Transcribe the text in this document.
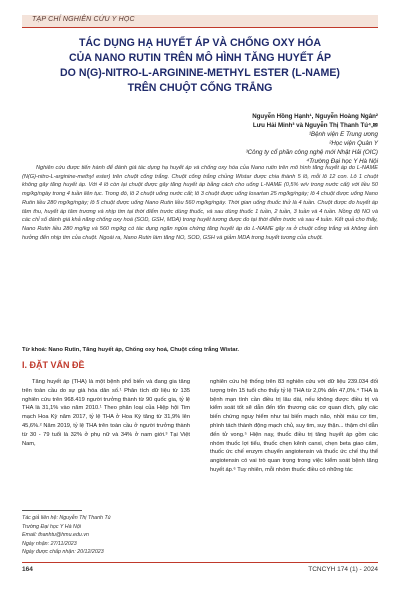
TẠP CHÍ NGHIÊN CỨU Y HỌC
TÁC DỤNG HẠ HUYẾT ÁP VÀ CHỐNG OXY HÓA
CỦA NANO RUTIN TRÊN MÔ HÌNH TĂNG HUYẾT ÁP
DO N(G)-NITRO-L-ARGININE-METHYL ESTER (L-NAME)
TRÊN CHUỘT CỐNG TRẮNG
Nguyễn Hồng Hạnh¹, Nguyễn Hoàng Ngân²
Lưu Hải Minh³ và Nguyễn Thị Thanh Tú⁴,✉
¹Bệnh viện E Trung ương
²Học viện Quân Y
³Công ty cổ phần công nghệ mới Nhật Hải (OIC)
⁴Trường Đại học Y Hà Nội

Nghiên cứu được tiến hành để đánh giá tác dụng hạ huyết áp và chống oxy hóa của Nano rutin trên mô hình tăng huyết áp do L-NAME (N(G)-nitro-L-arginine-methyl ester) trên chuột cống trắng. Chuột cống trắng chủng Wistar được chia thành 5 lô, mỗi lô 12 con. Lô 1 chuột không gây tăng huyết áp. Với 4 lô còn lại chuột được gây tăng huyết áp bằng cách cho uống L-NAME (0,5% w/v trong nước cất) với liều 50 mg/kg/ngày trong 4 tuần liên tục. Trong đó, lô 2 chuột uống nước cất; lô 3 chuột được uống losartan 25 mg/kg/ngày; lô 4 chuột được uống Nano Rutin liều 280 mg/kg/ngày; lô 5 chuột được uống Nano Rutin liều 560 mg/kg/ngày. Thời gian uống thuốc thử là 4 tuần. Chuột được đo huyết áp tâm thu, huyết áp tâm trương và nhịp tim tại thời điểm trước dùng thuốc, và sau dùng thuốc 1 tuần, 2 tuần, 3 tuần và 4 tuần. Nồng độ NO và các chỉ số đánh giá khả năng chống oxy hoá (SOD, GSH, MDA) trong huyết tương được đo tại thời điểm trước và sau 4 tuần. Kết quả cho thấy, Nano Rutin liều 280 mg/kg và 560 mg/kg có tác dụng ngăn ngừa chứng tăng huyết áp do L-NAME gây ra ở chuột cống trắng và không ảnh hưởng đến nhịp tim của chuột. Ngoài ra, Nano Rutin làm tăng NO, SOD, GSH và giảm MDA trong huyết tương của chuột.

Từ khoá: Nano Rutin, Tăng huyết áp, Chống oxy hoá, Chuột cống trắng Wistar.
I. ĐẶT VẤN ĐỀ

Tăng huyết áp (THA) là một bệnh phổ biến và đang gia tăng trên toàn cầu do sự già hóa dân số.¹ Phân tích dữ liệu từ 135 nghiên cứu trên 968.419 người trưởng thành từ 90 quốc gia, tỷ lệ THA là 31,1% vào năm 2010.¹ Theo phân loại của Hiệp hội Tim mạch Hoa Kỳ năm 2017, tỷ lệ THA ở Hoa Kỳ tăng từ 31,9% lên 45,6%.² Năm 2019, tỷ lệ THA trên toàn cầu ở người trưởng thành từ 30 - 79 tuổi là 32% ở phụ nữ và 34% ở nam giới.³ Tại Việt Nam,

Tác giả liên hệ: Nguyễn Thị Thanh Tú
Trường Đại học Y Hà Nội
Email: thanhtu@hmu.edu.vn
Ngày nhận: 27/11/2023
Ngày được chấp nhận: 20/12/2023

nghiên cứu hệ thống trên 83 nghiên cứu với dữ liệu 239.034 đối tượng trên 15 tuổi cho thấy tỷ lệ THA từ 2,0% đến 47,0%.⁴ THA là bệnh mạn tính cần điều trị lâu dài, nếu không được điều trị và kiểm soát tốt sẽ dẫn đến tổn thương các cơ quan đích, gây các biến chứng nguy hiểm như tai biến mạch não, nhồi máu cơ tim, phình tách thành động mạch chủ, suy tim, suy thận... thậm chí dẫn đến tử vong.⁵ Hiện nay, thuốc điều trị tăng huyết áp gồm các nhóm thuốc lợi tiểu, thuốc chẹn kênh canxi, chẹn beta giao cảm, thuốc ức chế enzym chuyển angiotensin và thuốc ức chế thụ thể angiotensin có vai trò quan trọng trong việc kiểm soát bệnh tăng huyết áp.⁶ Tuy nhiên, mỗi nhóm thuốc điều có những tác

164	TCNCYH 174 (1) - 2024
